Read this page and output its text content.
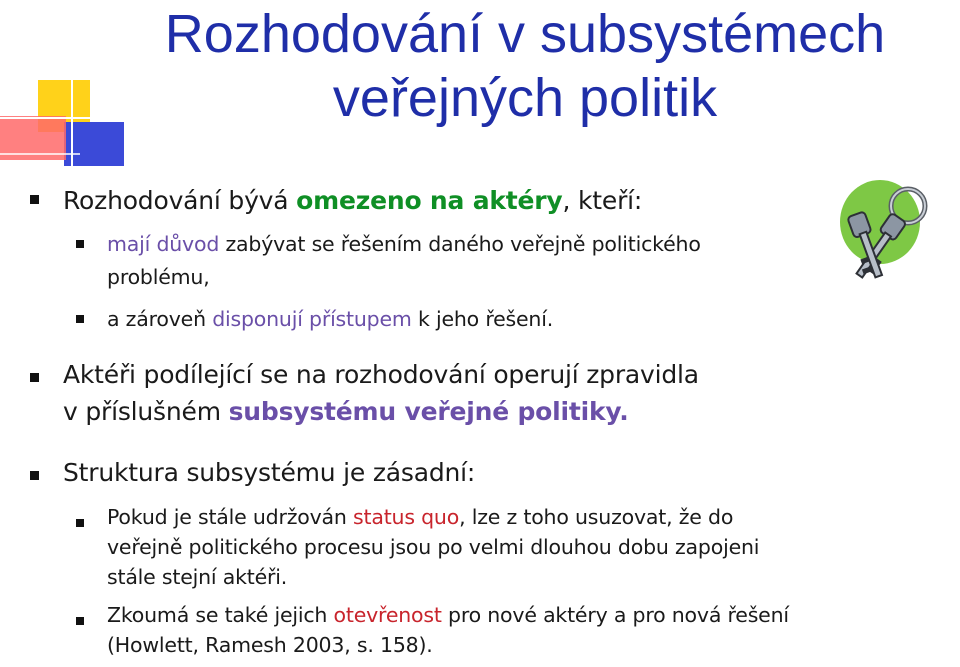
Rozhodování v subsystémech
veřejných politik
Rozhodování bývá omezeno na aktéry, kteří:
mají důvod zabývat se řešením daného veřejně politického
problému,
a zároveň disponují přístupem k jeho řešení.
Aktéři podílející se na rozhodování operují zpravidla
v příslušném subsystému veřejné politiky.
Struktura subsystému je zásadní:
Pokud je stále udržován status quo, lze z toho usuzovat, že do
veřejně politického procesu jsou po velmi dlouhou dobu zapojeni
stále stejní aktéři.
Zkoumá se také jejich otevřenost pro nové aktéry a pro nová řešení
(Howlett, Ramesh 2003, s. 158).
